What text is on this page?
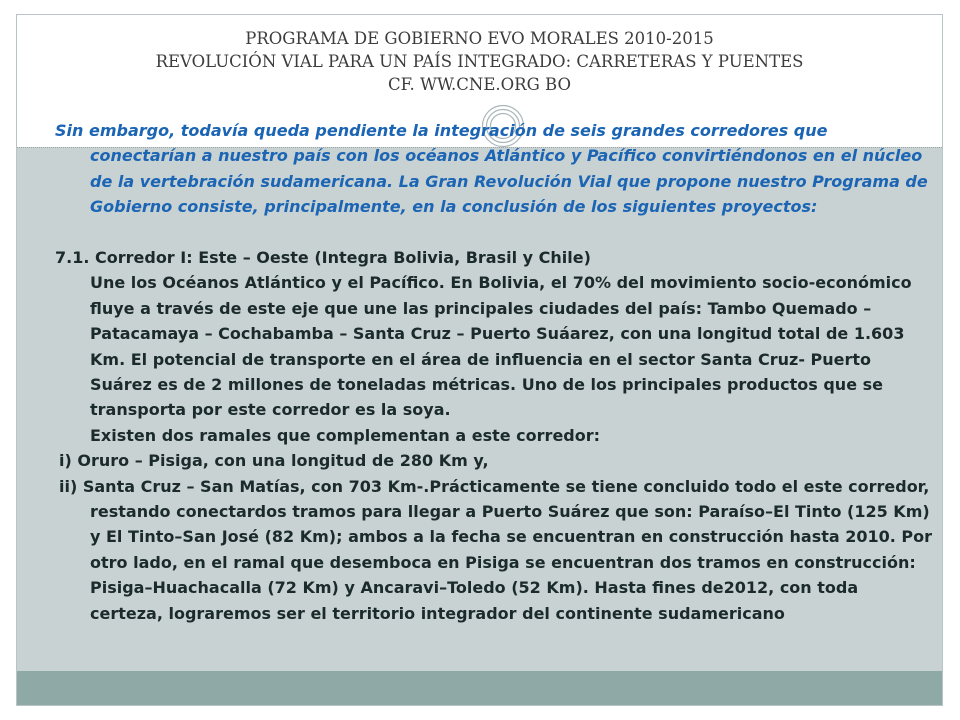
PROGRAMA DE GOBIERNO EVO MORALES 2010-2015
REVOLUCIÓN VIAL PARA UN PAÍS INTEGRADO: CARRETERAS Y PUENTES
CF. WW.CNE.ORG BO

Sin embargo, todavía queda pendiente la integración de seis grandes corredores que conectarían a nuestro país con los océanos Atlántico y Pacífico convirtiéndonos en el núcleo de la vertebración sudamericana. La Gran Revolución Vial que propone nuestro Programa de Gobierno consiste, principalmente, en la conclusión de los siguientes proyectos:

7.1. Corredor I: Este – Oeste (Integra Bolivia, Brasil y Chile)

Une los Océanos Atlántico y el Pacífico. En Bolivia, el 70% del movimiento socio-económico fluye a través de este eje que une las principales ciudades del país: Tambo Quemado – Patacamaya – Cochabamba – Santa Cruz – Puerto Suáarez, con una longitud total de 1.603 Km. El potencial de transporte en el área de influencia en el sector Santa Cruz- Puerto Suárez es de 2 millones de toneladas métricas. Uno de los principales productos que se transporta por este corredor es la soya.

Existen dos ramales que complementan a este corredor:

i) Oruro – Pisiga, con una longitud de 280 Km y,

ii) Santa Cruz – San Matías, con 703 Km-.Prácticamente se tiene concluido todo el este corredor, restando conectardos tramos para llegar a Puerto Suárez que son: Paraíso–El Tinto (125 Km) y El Tinto–San José (82 Km); ambos a la fecha se encuentran en construcción hasta 2010. Por otro lado, en el ramal que desemboca en Pisiga se encuentran dos tramos en construcción: Pisiga–Huachacalla (72 Km) y Ancaravi–Toledo (52 Km). Hasta fines de2012, con toda certeza, lograremos ser el territorio integrador del continente sudamericano
